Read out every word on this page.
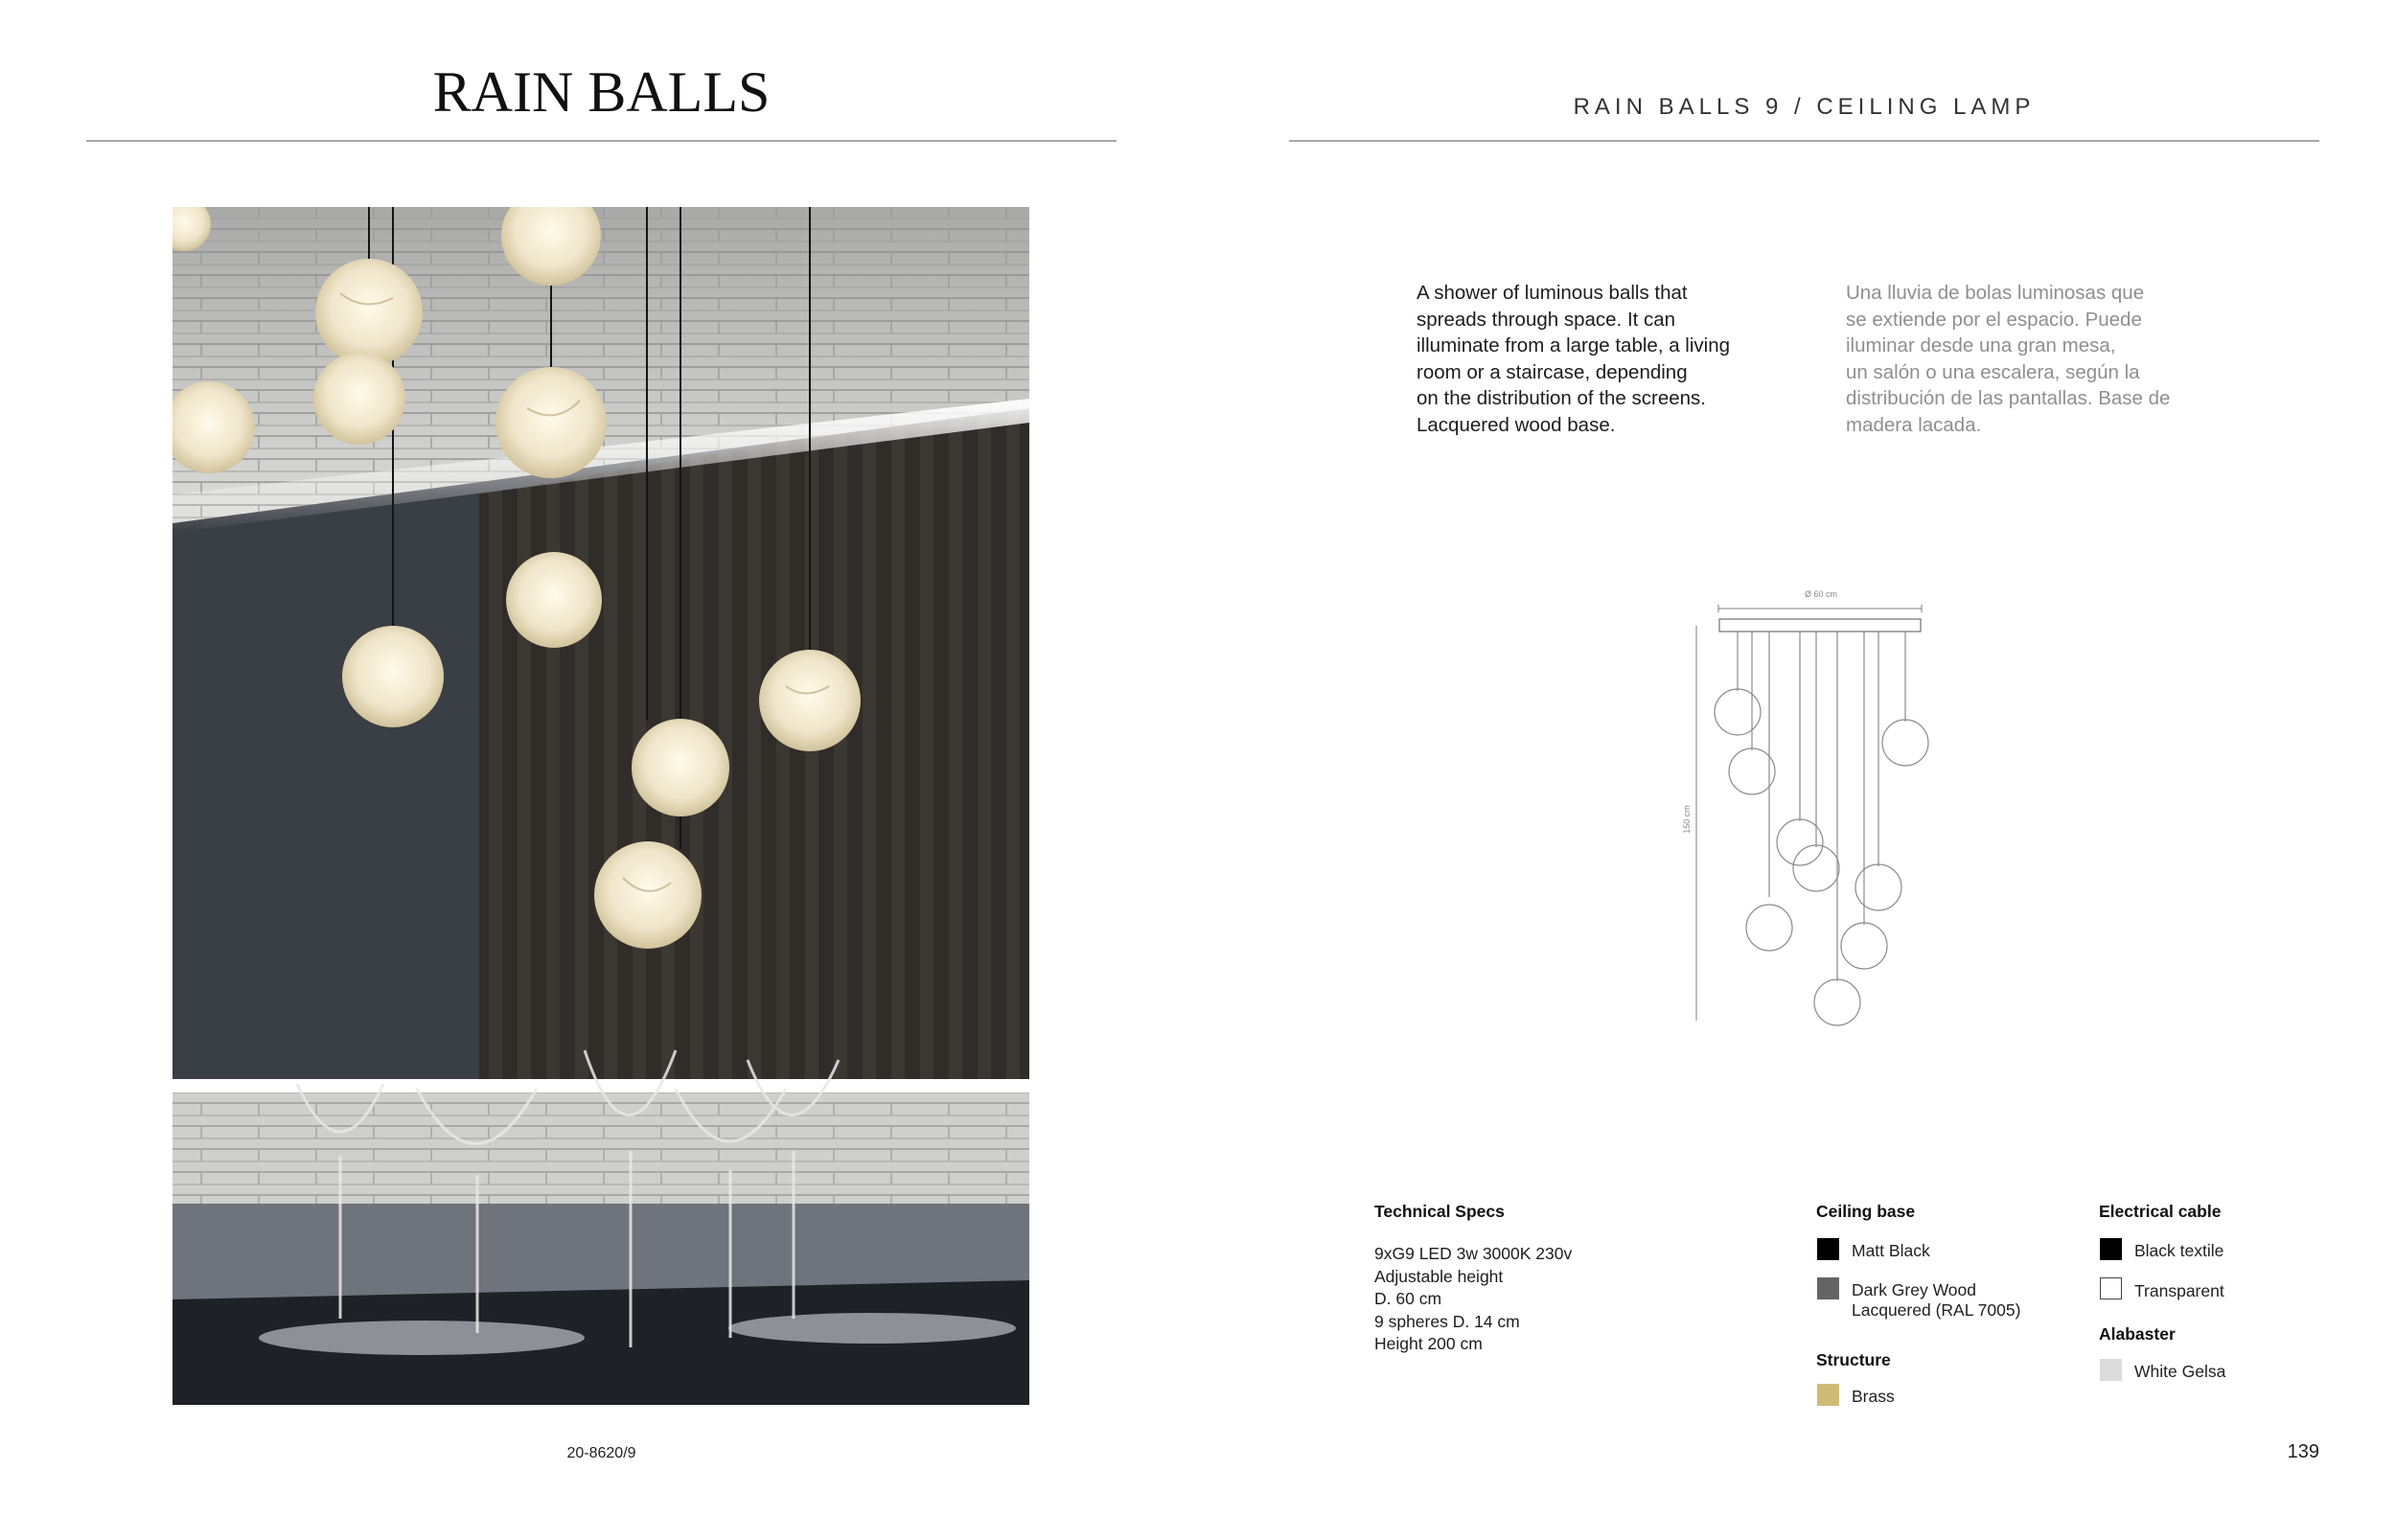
RAIN BALLS
20-8620/9
RAIN BALLS 9 / CEILING LAMP
A shower of luminous balls that
spreads through space. It can
illuminate from a large table, a living
room or a staircase, depending
on the distribution of the screens.
Lacquered wood base.
Una lluvia de bolas luminosas que
se extiende por el espacio. Puede
iluminar desde una gran mesa,
un salón o una escalera, según la
distribución de las pantallas. Base de
madera lacada.
Ø 60 cm
150 cm
Technical Specs
9xG9 LED 3w 3000K 230v
Adjustable height
D. 60 cm
9 spheres D. 14 cm
Height 200 cm
Ceiling base
Matt Black
Dark Grey Wood
Lacquered (RAL 7005)
Structure
Brass
Electrical cable
Black textile
Transparent
Alabaster
White Gelsa
139
